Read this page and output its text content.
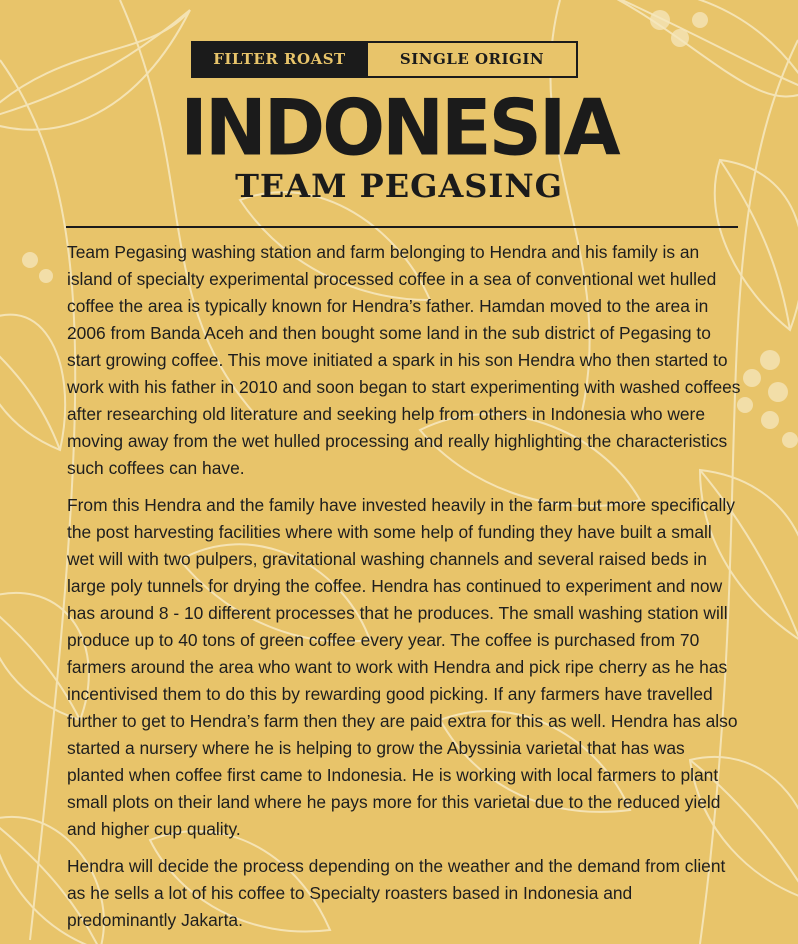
FILTER ROAST	SINGLE ORIGIN
INDONESIA
TEAM PEGASING

Team Pegasing washing station and farm belonging to Hendra and his family is an island of specialty experimental processed coffee in a sea of conventional wet hulled coffee the area is typically known for Hendra’s father. Hamdan moved to the area in 2006 from Banda Aceh and then bought some land in the sub district of Pegasing to start growing coffee. This move initiated a spark in his son Hendra who then started to work with his father in 2010 and soon began to start experimenting with washed coffees after researching old literature and seeking help from others in Indonesia who were moving away from the wet hulled processing and really highlighting the characteristics such coffees can have.

From this Hendra and the family have invested heavily in the farm but more specifically the post harvesting facilities where with some help of funding they have built a small wet will with two pulpers, gravitational washing channels and several raised beds in large poly tunnels for drying the coffee. Hendra has continued to experiment and now has around 8 - 10 different processes that he produces. The small washing station will produce up to 40 tons of green coffee every year. The coffee is purchased from 70 farmers around the area who want to work with Hendra and pick ripe cherry as he has incentivised them to do this by rewarding good picking. If any farmers have travelled further to get to Hendra’s farm then they are paid extra for this as well. Hendra has also started a nursery where he is helping to grow the Abyssinia varietal that has was planted when coffee first came to Indonesia. He is working with local farmers to plant small plots on their land where he pays more for this varietal due to the reduced yield and higher cup quality.

Hendra will decide the process depending on the weather and the demand from client as he sells a lot of his coffee to Specialty roasters based in Indonesia and predominantly Jakarta.
